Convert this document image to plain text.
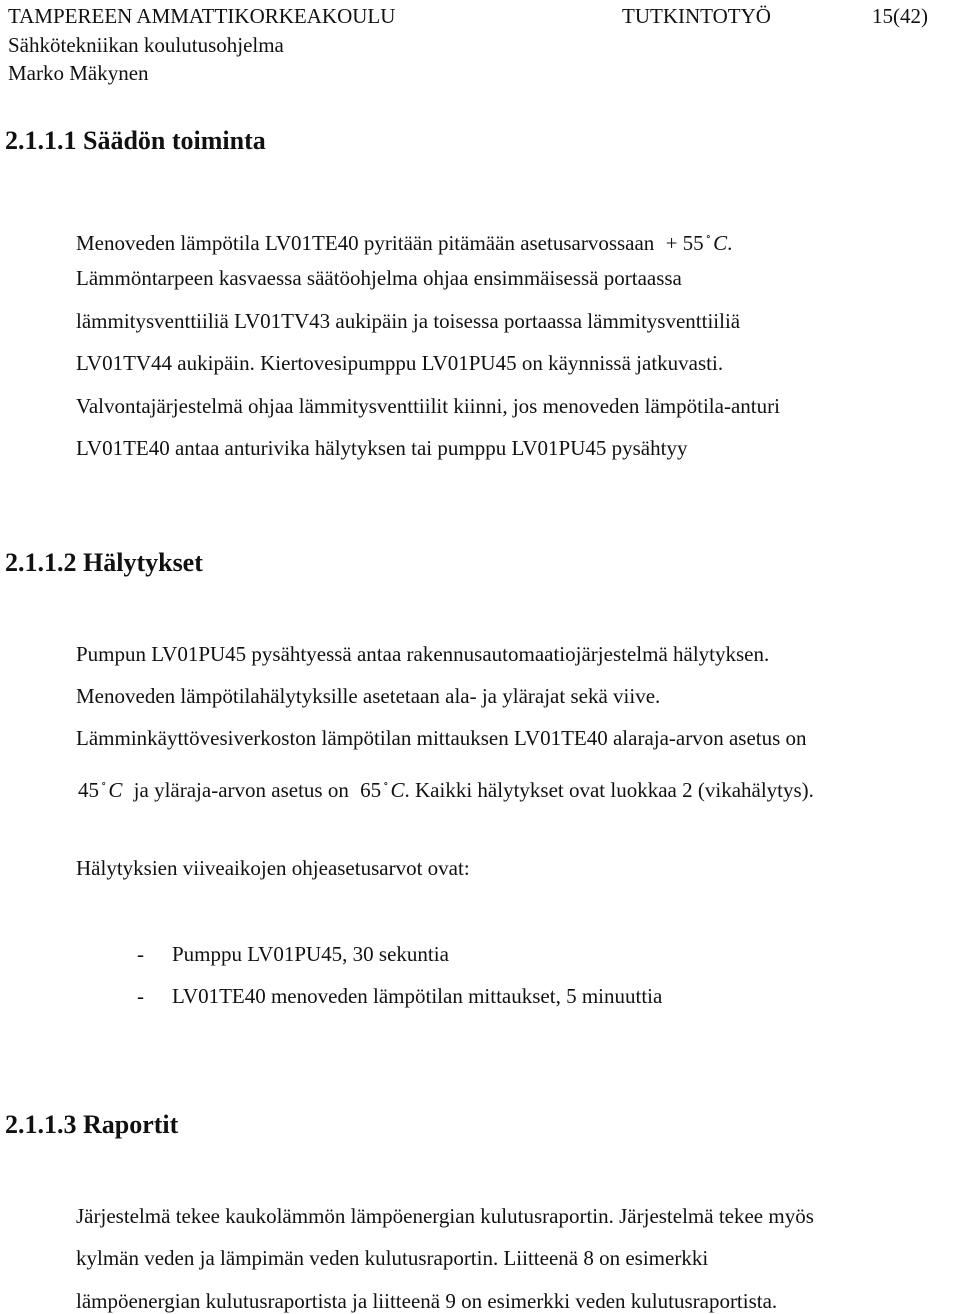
TAMPEREEN AMMATTIKORKEAKOULU	TUTKINTOTYÖ	15(42)
Sähkötekniikan koulutusohjelma
Marko Mäkynen
2.1.1.1 Säädön toiminta
Menoveden lämpötila LV01TE40 pyritään pitämään asetusarvossaan + 55 ∘C.
Lämmöntarpeen kasvaessa säätöohjelma ohjaa ensimmäisessä portaassa
lämmitysventtiiliä LV01TV43 aukipäin ja toisessa portaassa lämmitysventtiiliä
LV01TV44 aukipäin. Kiertovesipumppu LV01PU45 on käynnissä jatkuvasti.
Valvontajärjestelmä ohjaa lämmitysventtiilit kiinni, jos menoveden lämpötila-anturi
LV01TE40 antaa anturivika hälytyksen tai pumppu LV01PU45 pysähtyy
2.1.1.2 Hälytykset
Pumpun LV01PU45 pysähtyessä antaa rakennusautomaatiojärjestelmä hälytyksen.
Menoveden lämpötilahälytyksille asetetaan ala- ja ylärajat sekä viive.
Lämminkäyttövesiverkoston lämpötilan mittauksen LV01TE40 alaraja-arvon asetus on
45 ∘C ja yläraja-arvon asetus on 65 ∘C. Kaikki hälytykset ovat luokkaa 2 (vikahälytys).
Hälytyksien viiveaikojen ohjeasetusarvot ovat:
- Pumppu LV01PU45, 30 sekuntia
- LV01TE40 menoveden lämpötilan mittaukset, 5 minuuttia
2.1.1.3 Raportit
Järjestelmä tekee kaukolämmön lämpöenergian kulutusraportin. Järjestelmä tekee myös
kylmän veden ja lämpimän veden kulutusraportin. Liitteenä 8 on esimerkki
lämpöenergian kulutusraportista ja liitteenä 9 on esimerkki veden kulutusraportista.
